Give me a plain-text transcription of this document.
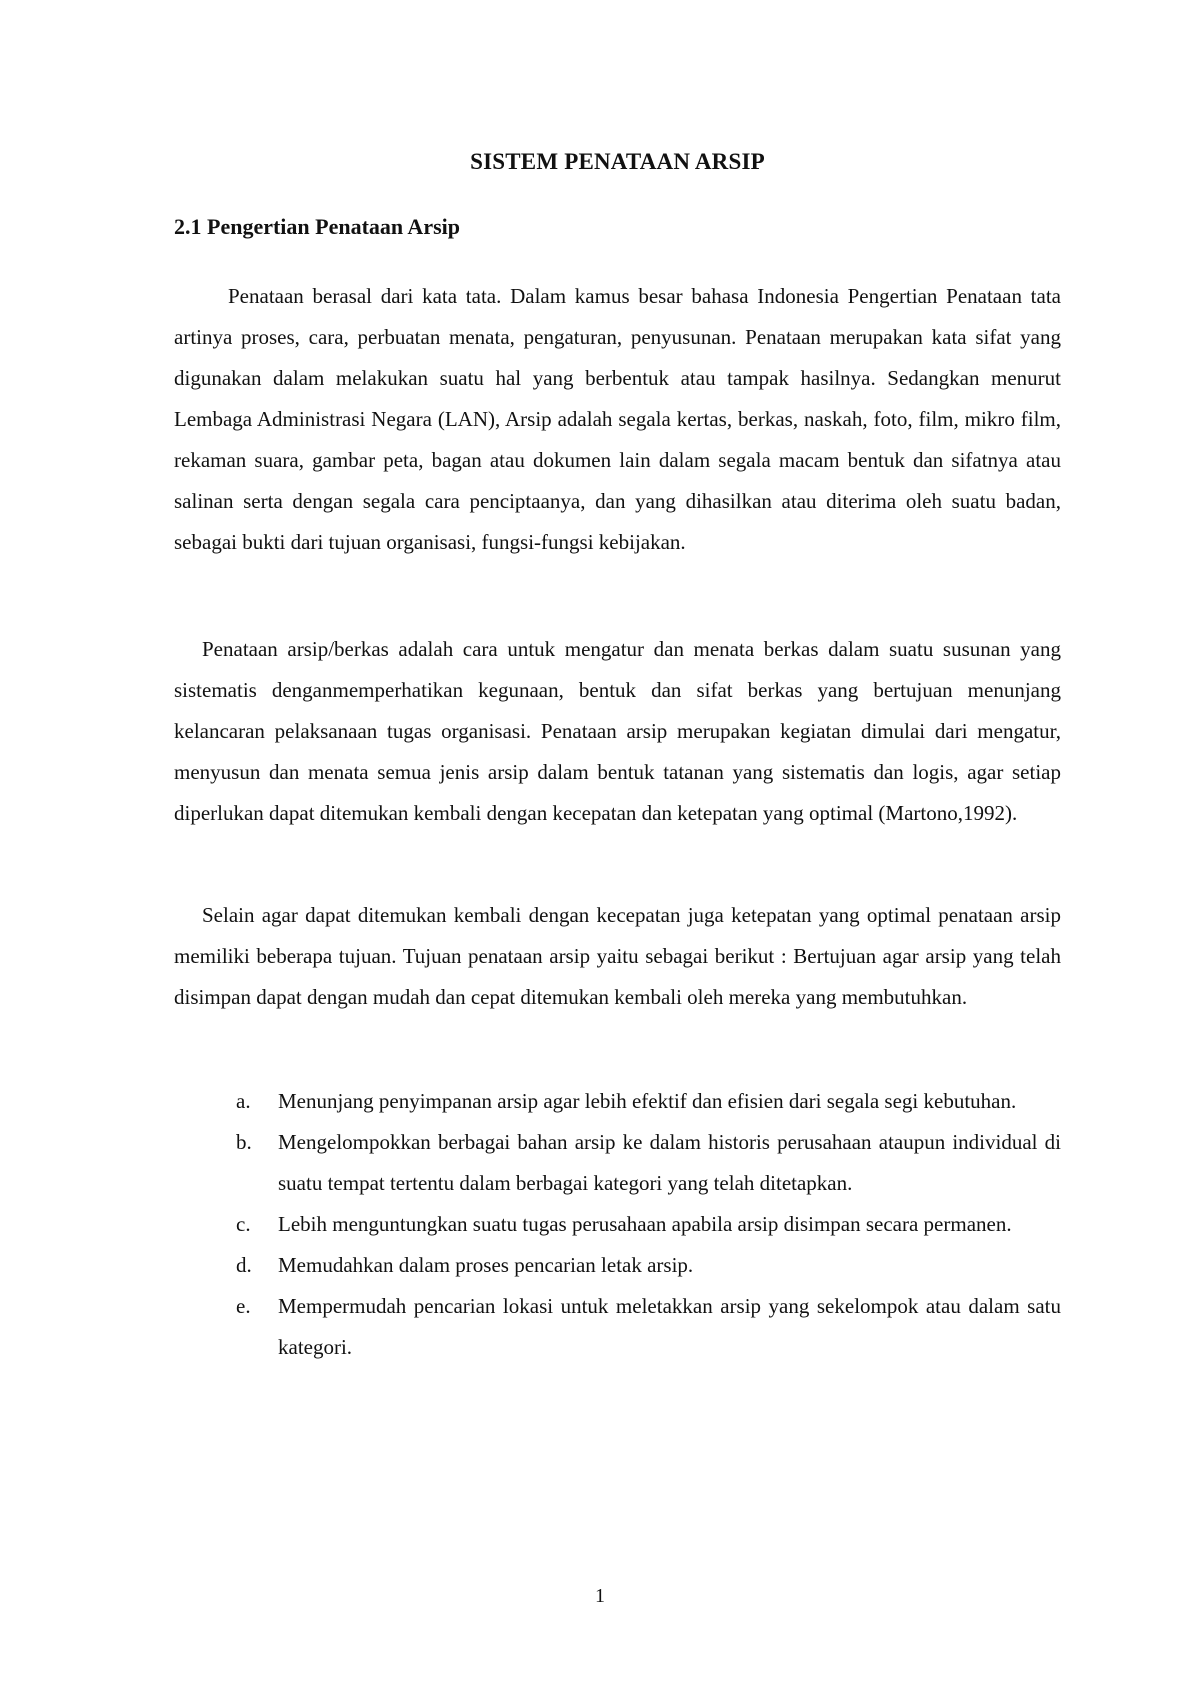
SISTEM PENATAAN ARSIP
2.1 Pengertian Penataan Arsip

Penataan berasal dari kata tata. Dalam kamus besar bahasa Indonesia Pengertian Penataan tata artinya proses, cara, perbuatan menata, pengaturan, penyusunan. Penataan merupakan kata sifat yang digunakan dalam melakukan suatu hal yang berbentuk atau tampak hasilnya. Sedangkan menurut Lembaga Administrasi Negara (LAN), Arsip adalah segala kertas, berkas, naskah, foto, film, mikro film, rekaman suara, gambar peta, bagan atau dokumen lain dalam segala macam bentuk dan sifatnya atau salinan serta dengan segala cara penciptaanya, dan yang dihasilkan atau diterima oleh suatu badan, sebagai bukti dari tujuan organisasi, fungsi-fungsi kebijakan.

Penataan arsip/berkas adalah cara untuk mengatur dan menata berkas dalam suatu susunan yang sistematis denganmemperhatikan kegunaan, bentuk dan sifat berkas yang bertujuan menunjang kelancaran pelaksanaan tugas organisasi. Penataan arsip merupakan kegiatan dimulai dari mengatur, menyusun dan menata semua jenis arsip dalam bentuk tatanan yang sistematis dan logis, agar setiap diperlukan dapat ditemukan kembali dengan kecepatan dan ketepatan yang optimal (Martono,1992).

Selain agar dapat ditemukan kembali dengan kecepatan juga ketepatan yang optimal penataan arsip memiliki beberapa tujuan. Tujuan penataan arsip yaitu sebagai berikut : Bertujuan agar arsip yang telah disimpan dapat dengan mudah dan cepat ditemukan kembali oleh mereka yang membutuhkan.

a. Menunjang penyimpanan arsip agar lebih efektif dan efisien dari segala segi kebutuhan.
b. Mengelompokkan berbagai bahan arsip ke dalam historis perusahaan ataupun individual di suatu tempat tertentu dalam berbagai kategori yang telah ditetapkan.
c. Lebih menguntungkan suatu tugas perusahaan apabila arsip disimpan secara permanen.
d. Memudahkan dalam proses pencarian letak arsip.
e. Mempermudah pencarian lokasi untuk meletakkan arsip yang sekelompok atau dalam satu kategori.

1
